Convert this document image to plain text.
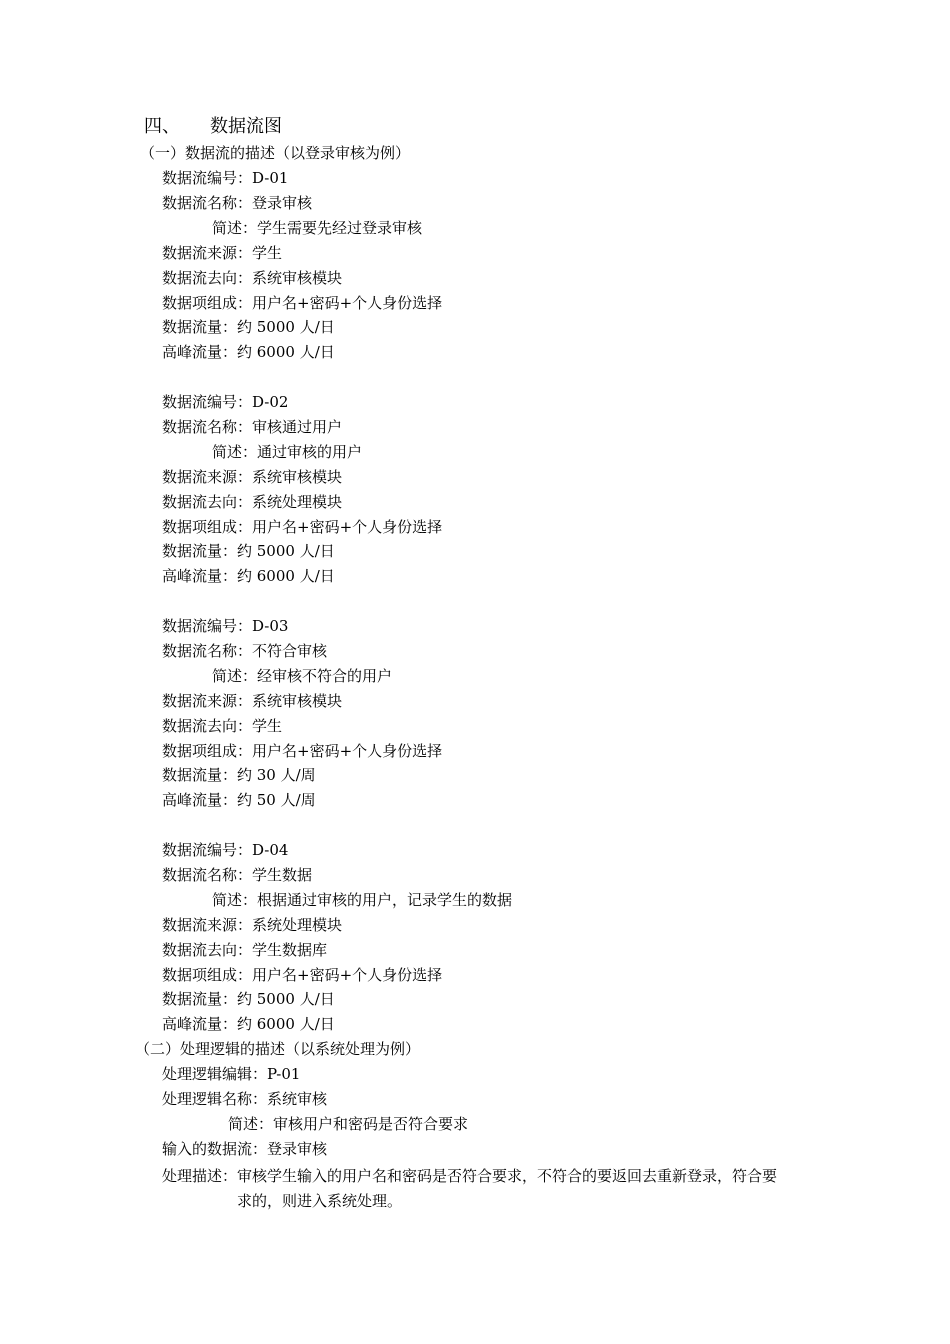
四、 数据流图
（一）数据流的描述（以登录审核为例）
数据流编号：D-01
数据流名称：登录审核
简述：学生需要先经过登录审核
数据流来源：学生
数据流去向：系统审核模块
数据项组成：用户名+密码+个人身份选择
数据流量：约 5000 人/日
高峰流量：约 6000 人/日
数据流编号：D-02
数据流名称：审核通过用户
简述：通过审核的用户
数据流来源：系统审核模块
数据流去向：系统处理模块
数据项组成：用户名+密码+个人身份选择
数据流量：约 5000 人/日
高峰流量：约 6000 人/日
数据流编号：D-03
数据流名称：不符合审核
简述：经审核不符合的用户
数据流来源：系统审核模块
数据流去向：学生
数据项组成：用户名+密码+个人身份选择
数据流量：约 30 人/周
高峰流量：约 50 人/周
数据流编号：D-04
数据流名称：学生数据
简述：根据通过审核的用户，记录学生的数据
数据流来源：系统处理模块
数据流去向：学生数据库
数据项组成：用户名+密码+个人身份选择
数据流量：约 5000 人/日
高峰流量：约 6000 人/日
（二）处理逻辑的描述（以系统处理为例）
处理逻辑编辑：P-01
处理逻辑名称：系统审核
简述：审核用户和密码是否符合要求
输入的数据流：登录审核
处理描述：审核学生输入的用户名和密码是否符合要求，不符合的要返回去重新登录，符合要求的，则进入系统处理。
